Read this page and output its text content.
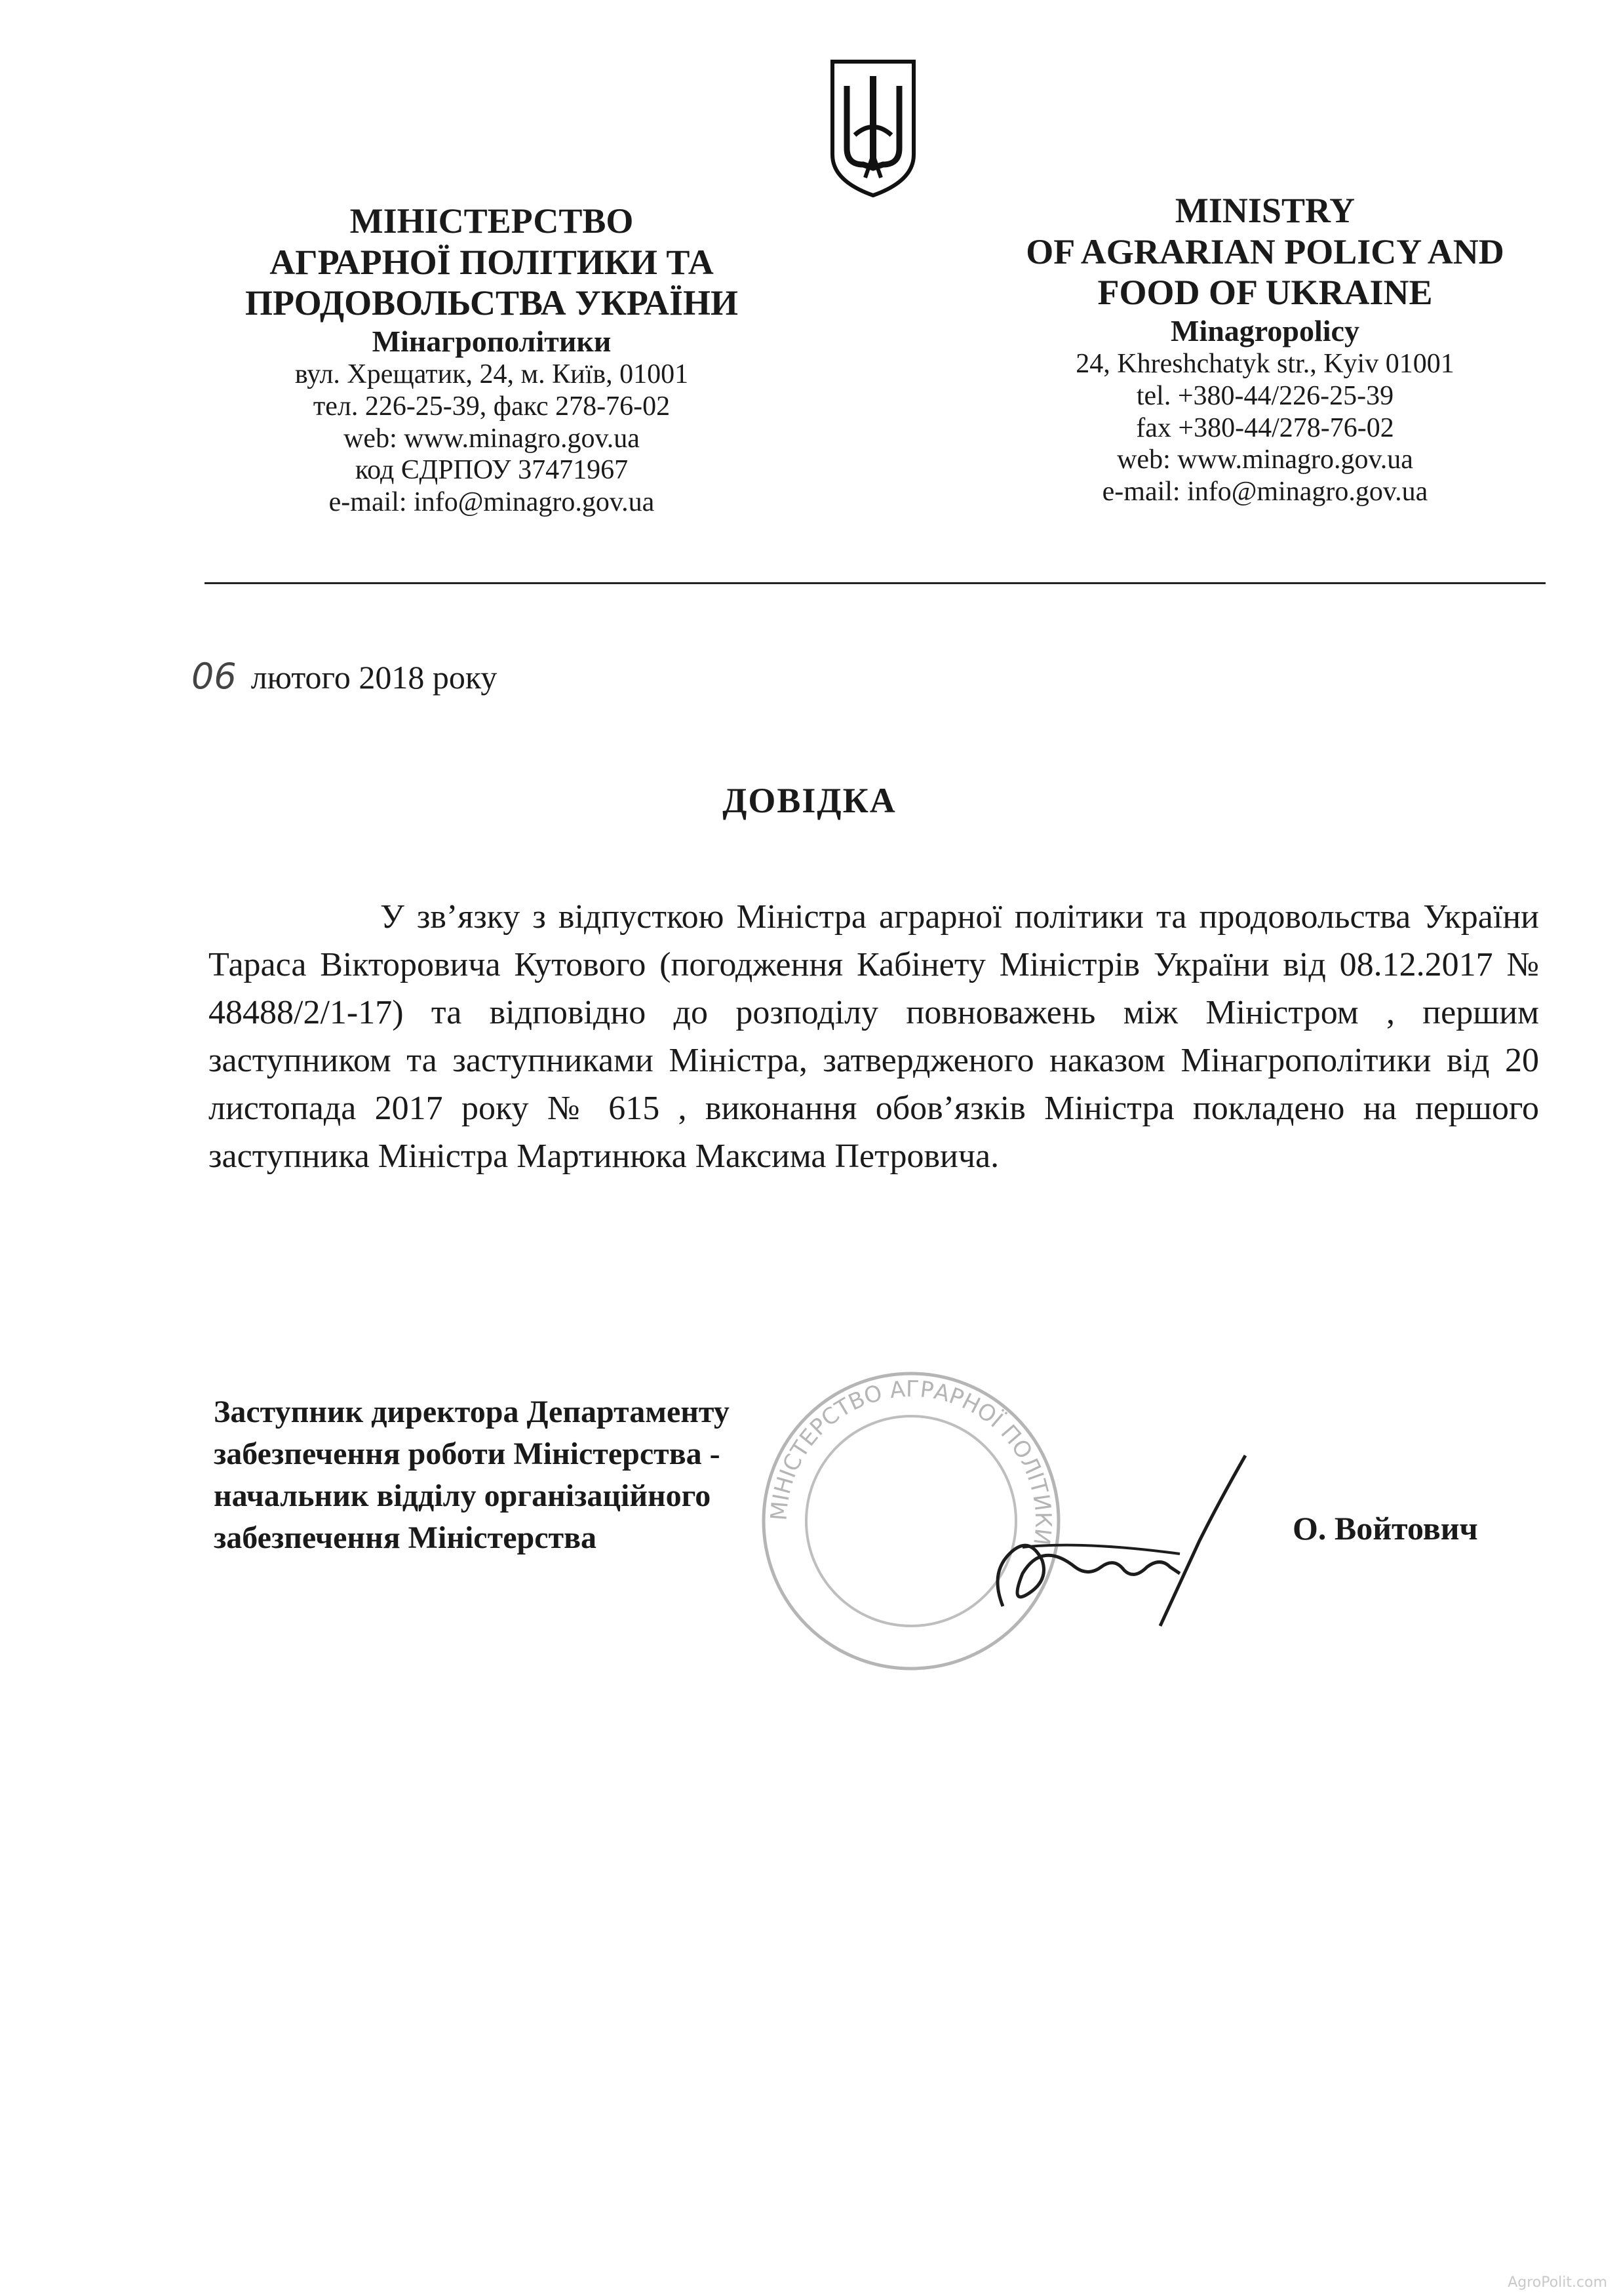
МІНІСТЕРСТВО
АГРАРНОЇ ПОЛІТИКИ ТА
ПРОДОВОЛЬСТВА УКРАЇНИ
Мінагрополітики
вул. Хрещатик, 24, м. Київ, 01001
тел. 226-25-39, факс 278-76-02
web: www.minagro.gov.ua
код ЄДРПОУ 37471967
e-mail: info@minagro.gov.ua
MINISTRY
OF AGRARIAN POLICY AND
FOOD OF UKRAINE
Minagropolicy
24, Khreshchatyk str., Kyiv 01001
tel. +380-44/226-25-39
fax +380-44/278-76-02
web: www.minagro.gov.ua
e-mail: info@minagro.gov.ua
06 лютого 2018 року
ДОВІДКА
У зв’язку з відпусткою Міністра аграрної політики та продовольства України Тараса Вікторовича Кутового (погодження Кабінету Міністрів України від 08.12.2017 № 48488/2/1-17) та відповідно до розподілу повноважень між Міністром , першим заступником та заступниками Міністра, затвердженого наказом Мінагрополітики від 20 листопада 2017 року № 615 , виконання обов’язків Міністра покладено на першого заступника Міністра Мартинюка Максима Петровича.
МІНІСТЕРСТВО АГРАРНОЇ ПОЛІТИКИ
Заступник директора Департаменту
забезпечення роботи Міністерства -
начальник відділу організаційного
забезпечення Міністерства	О. Войтович
AgroPolit.com
